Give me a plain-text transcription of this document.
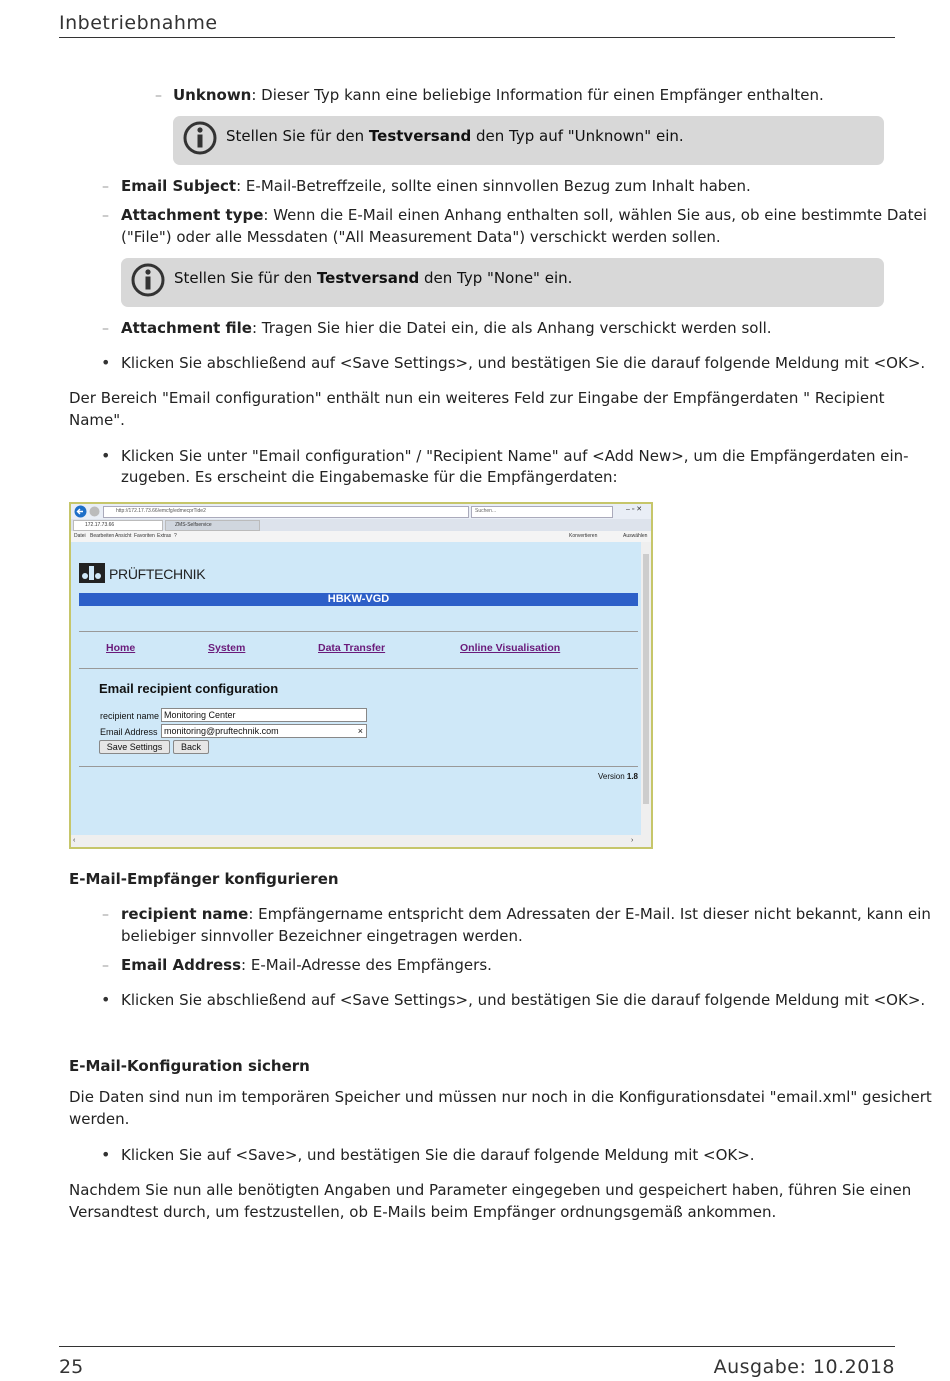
Inbetriebnahme
– Unknown: Dieser Typ kann eine beliebige Information für einen Empfänger enthalten.
Stellen Sie für den Testversand den Typ auf "Unknown" ein.
– Email Subject: E-Mail-Betreffzeile, sollte einen sinnvollen Bezug zum Inhalt haben.
– Attachment type: Wenn die E-Mail einen Anhang enthalten soll, wählen Sie aus, ob eine bestimmte Datei
("File") oder alle Messdaten ("All Measurement Data") verschickt werden sollen.
Stellen Sie für den Testversand den Typ "None" ein.
– Attachment file: Tragen Sie hier die Datei ein, die als Anhang verschickt werden soll.
• Klicken Sie abschließend auf <Save Settings>, und bestätigen Sie die darauf folgende Meldung mit <OK>.
Der Bereich "Email configuration" enthält nun ein weiteres Feld zur Eingabe der Empfängerdaten " Recipient
Name".
• Klicken Sie unter "Email configuration" / "Recipient Name" auf <Add New>, um die Empfängerdaten ein-
zugeben. Es erscheint die Eingabemaske für die Empfängerdaten:
http://172.17.73.66/emcfg/edmecprTide2	Suchen...	– ▫ ✕
172.17.73.66	ZMS-Selfservice
Datei Bearbeiten Ansicht Favoriten Extras ?	Konvertieren	Auswählen
PRÜFTECHNIK
HBKW-VGD
Home	System	Data Transfer	Online Visualisation
Email recipient configuration
recipient name Monitoring Center
Email Address monitoring@pruftechnik.com	×
Save Settings	Back
Version 1.8
‹	›
E-Mail-Empfänger konfigurieren
– recipient name: Empfängername entspricht dem Adressaten der E-Mail. Ist dieser nicht bekannt, kann ein
beliebiger sinnvoller Bezeichner eingetragen werden.
– Email Address: E-Mail-Adresse des Empfängers.
• Klicken Sie abschließend auf <Save Settings>, und bestätigen Sie die darauf folgende Meldung mit <OK>.
E-Mail-Konfiguration sichern
Die Daten sind nun im temporären Speicher und müssen nur noch in die Konfigurationsdatei "email.xml" gesichert
werden.
• Klicken Sie auf <Save>, und bestätigen Sie die darauf folgende Meldung mit <OK>.
Nachdem Sie nun alle benötigten Angaben und Parameter eingegeben und gespeichert haben, führen Sie einen
Versandtest durch, um festzustellen, ob E-Mails beim Empfänger ordnungsgemäß ankommen.
25	Ausgabe: 10.2018
